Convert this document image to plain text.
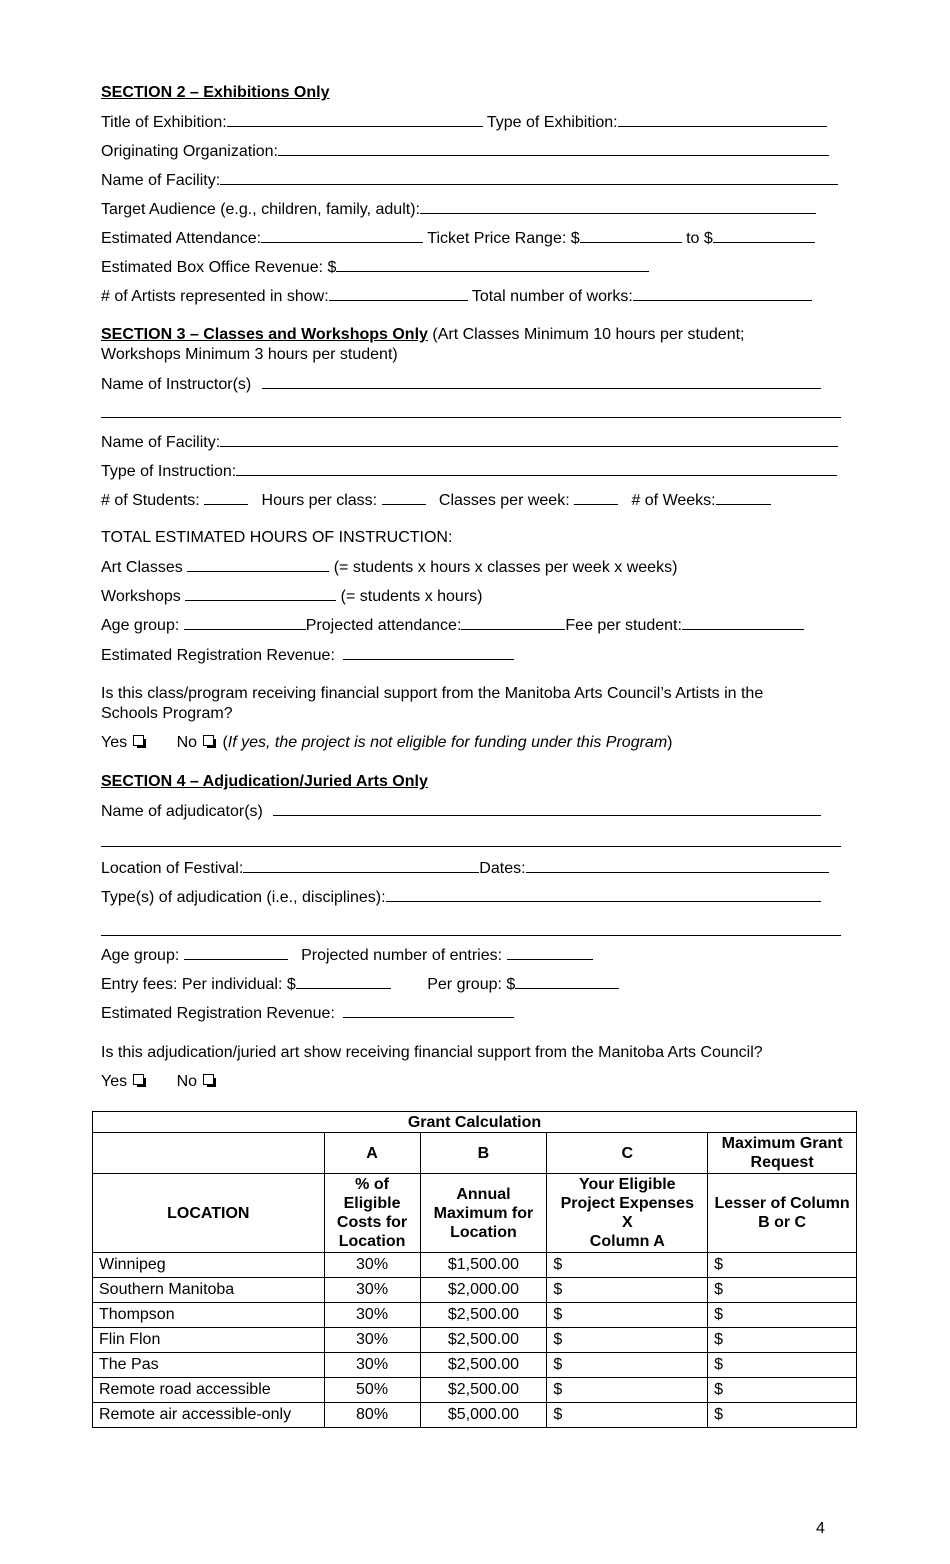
SECTION 2 – Exhibitions Only
Title of Exhibition:	Type of Exhibition:
Originating Organization:
Name of Facility:
Target Audience (e.g., children, family, adult):
Estimated Attendance:	Ticket Price Range: $	to $
Estimated Box Office Revenue: $
# of Artists represented in show:	Total number of works:
SECTION 3 – Classes and Workshops Only (Art Classes Minimum 10 hours per student;
Workshops Minimum 3 hours per student)
Name of Instructor(s)
Name of Facility:
Type of Instruction:
# of Students:	Hours per class:	Classes per week:	# of Weeks:
TOTAL ESTIMATED HOURS OF INSTRUCTION:
Art Classes	(= students x hours x classes per week x weeks)
Workshops	(= students x hours)
Age group:	Projected attendance:	Fee per student:
Estimated Registration Revenue:
Is this class/program receiving financial support from the Manitoba Arts Council’s Artists in the
Schools Program?
Yes	No (If yes, the project is not eligible for funding under this Program)
SECTION 4 – Adjudication/Juried Arts Only
Name of adjudicator(s)
Location of Festival:	Dates:
Type(s) of adjudication (i.e., disciplines):
Age group:	Projected number of entries:
Entry fees: Per individual: $	Per group: $
Estimated Registration Revenue:
Is this adjudication/juried art show receiving financial support from the Manitoba Arts Council?
Yes	No
Grant Calculation				
	A	B	C	Maximum Grant Request
LOCATION	% of Eligible Costs for Location	Annual Maximum for Location	Your Eligible Project Expenses
X
Column A	Lesser of Column B or C
Winnipeg	30%	$1,500.00	$	$
Southern Manitoba	30%	$2,000.00	$	$
Thompson	30%	$2,500.00	$	$
Flin Flon	30%	$2,500.00	$	$
The Pas	30%	$2,500.00	$	$
Remote road accessible	50%	$2,500.00	$	$
Remote air accessible-only	80%	$5,000.00	$	$
4
